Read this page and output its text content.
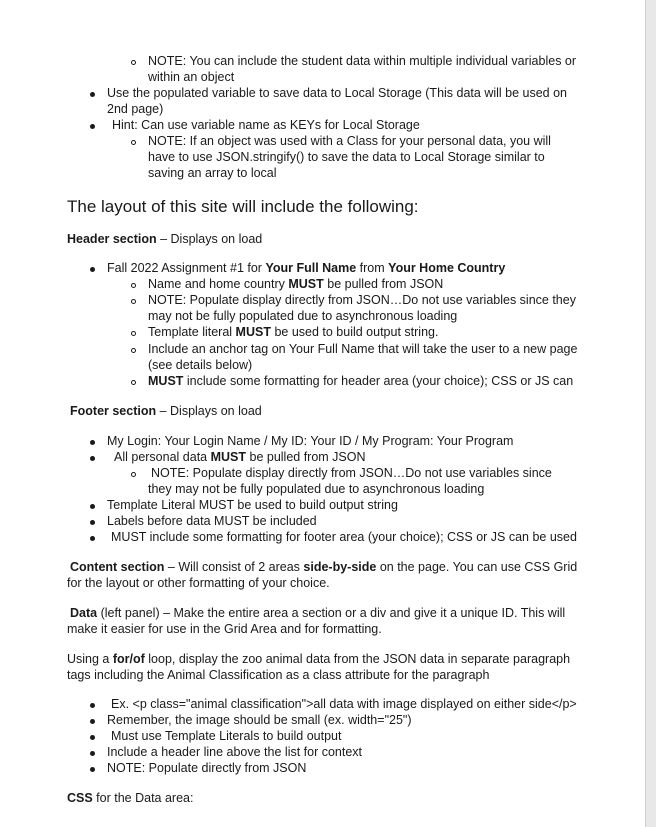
NOTE: You can include the student data within multiple individual variables or
within an object
Use the populated variable to save data to Local Storage (This data will be used on
2nd page)
Hint: Can use variable name as KEYs for Local Storage
NOTE: If an object was used with a Class for your personal data, you will
have to use JSON.stringify() to save the data to Local Storage similar to
saving an array to local
The layout of this site will include the following:
Header section – Displays on load
Fall 2022 Assignment #1 for Your Full Name from Your Home Country
Name and home country MUST be pulled from JSON
NOTE: Populate display directly from JSON…Do not use variables since they
may not be fully populated due to asynchronous loading
Template literal MUST be used to build output string.
Include an anchor tag on Your Full Name that will take the user to a new page
(see details below)
MUST include some formatting for header area (your choice); CSS or JS can
Footer section – Displays on load
My Login: Your Login Name / My ID: Your ID / My Program: Your Program
All personal data MUST be pulled from JSON
NOTE: Populate display directly from JSON…Do not use variables since
they may not be fully populated due to asynchronous loading
Template Literal MUST be used to build output string
Labels before data MUST be included
MUST include some formatting for footer area (your choice); CSS or JS can be used
Content section – Will consist of 2 areas side-by-side on the page. You can use CSS Grid
for the layout or other formatting of your choice.
Data (left panel) – Make the entire area a section or a div and give it a unique ID. This will
make it easier for use in the Grid Area and for formatting.
Using a for/of loop, display the zoo animal data from the JSON data in separate paragraph
tags including the Animal Classification as a class attribute for the paragraph
Ex. <p class="animal classification">all data with image displayed on either side</p>
Remember, the image should be small (ex. width="25")
Must use Template Literals to build output
Include a header line above the list for context
NOTE: Populate directly from JSON
CSS for the Data area:
